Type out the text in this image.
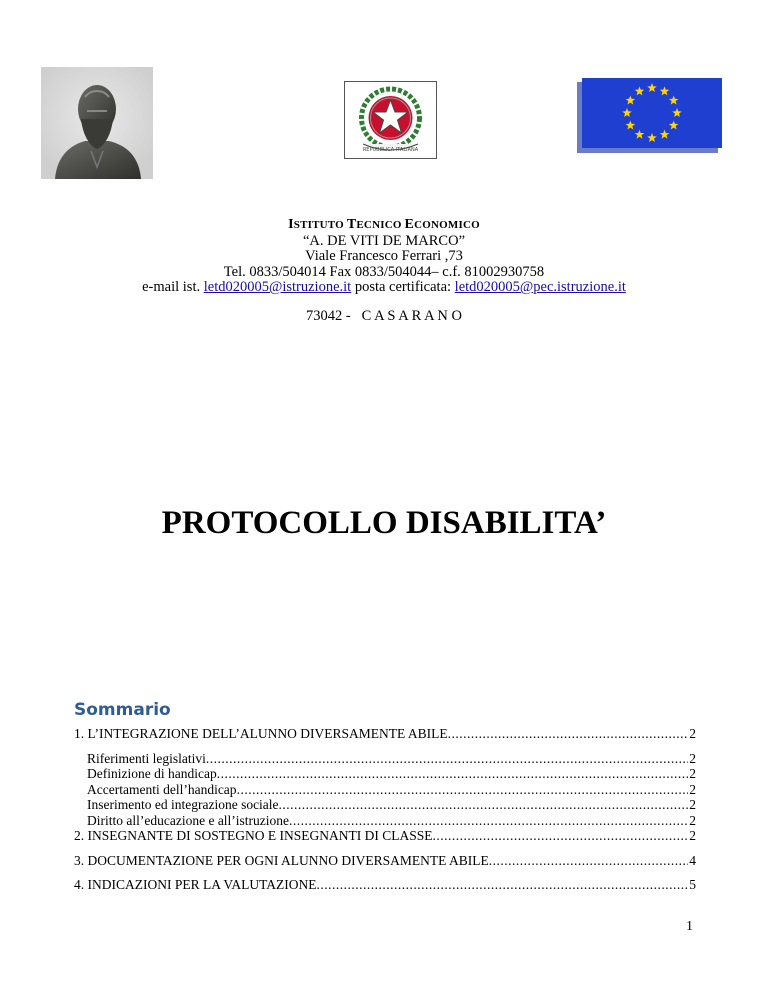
REPUBBLICA ITALIANA
ISTITUTO TECNICO ECONOMICO
“A. DE VITI DE MARCO”
Viale Francesco Ferrari ,73
Tel. 0833/504014 Fax 0833/504044– c.f. 81002930758
e-mail ist. letd020005@istruzione.it posta certificata: letd020005@pec.istruzione.it
73042 -   C A S A R A N O
PROTOCOLLO DISABILITA’
Sommario
1. L’INTEGRAZIONE DELL’ALUNNO DIVERSAMENTE ABILE .....	2
Riferimenti legislativi .....	2
Definizione di handicap .....	2
Accertamenti dell’handicap .....	2
Inserimento ed integrazione sociale .....	2
Diritto all’educazione e all’istruzione .....	2
2. INSEGNANTE DI SOSTEGNO E INSEGNANTI DI CLASSE .....	2
3. DOCUMENTAZIONE PER OGNI ALUNNO DIVERSAMENTE ABILE .....	4
4. INDICAZIONI PER LA VALUTAZIONE .....	5
1
